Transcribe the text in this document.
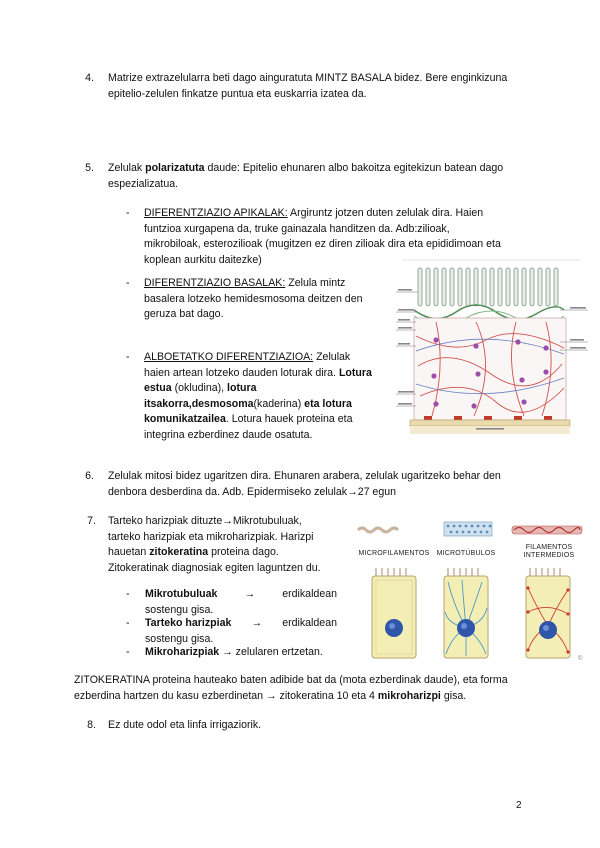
4. Matrize extrazelularra beti dago ainguratuta MINTZ BASALA bidez. Bere enginkizuna
epitelio-zelulen finkatze puntua eta euskarria izatea da.
5. Zelulak polarizatuta daude: Epitelio ehunaren albo bakoitza egitekizun batean dago
espezializatua.
- DIFERENTZIAZIO APIKALAK: Argiruntz jotzen duten zelulak dira. Haien
funtzioa xurgapena da, truke gainazala handitzen da. Adb:zilioak,
mikrobiloak, esterozilioak (mugitzen ez diren zilioak dira eta epididimoan eta
koplean aurkitu daitezke)
- DIFERENTZIAZIO BASALAK: Zelula mintz
basalera lotzeko hemidesmosoma deitzen den
geruza bat dago.
- ALBOETATKO DIFERENTZIAZIOA: Zelulak
haien artean lotzeko dauden loturak dira. Lotura
estua (okludina), lotura
itsakorra,desmosoma(kaderina) eta lotura
komunikatzailea. Lotura hauek proteina eta
integrina ezberdinez daude osatuta.
6. Zelulak mitosi bidez ugaritzen dira. Ehunaren arabera, zelulak ugaritzeko behar den
denbora desberdina da. Adb. Epidermiseko zelulak→27 egun
7. Tarteko harizpiak dituzte→Mikrotubuluak,
tarteko harizpiak eta mikroharizpiak. Harizpi
hauetan zitokeratina proteina dago.
Zitokeratinak diagnosiak egiten laguntzen du.
- Mikrotubuluak	→	erdikaldean
sostengu gisa.
- Tarteko harizpiak → erdikaldean
sostengu gisa.
- Mikroharizpiak → zelularen ertzetan.
MICROFILAMENTOS	MICROTÚBULOS
FILAMENTOS
INTERMEDIOS
©
ZITOKERATINA proteina hauteako baten adibide bat da (mota ezberdinak daude), eta forma
ezberdina hartzen du kasu ezberdinetan → zitokeratina 10 eta 4 mikroharizpi gisa.
8. Ez dute odol eta linfa irrigaziorik.
2
